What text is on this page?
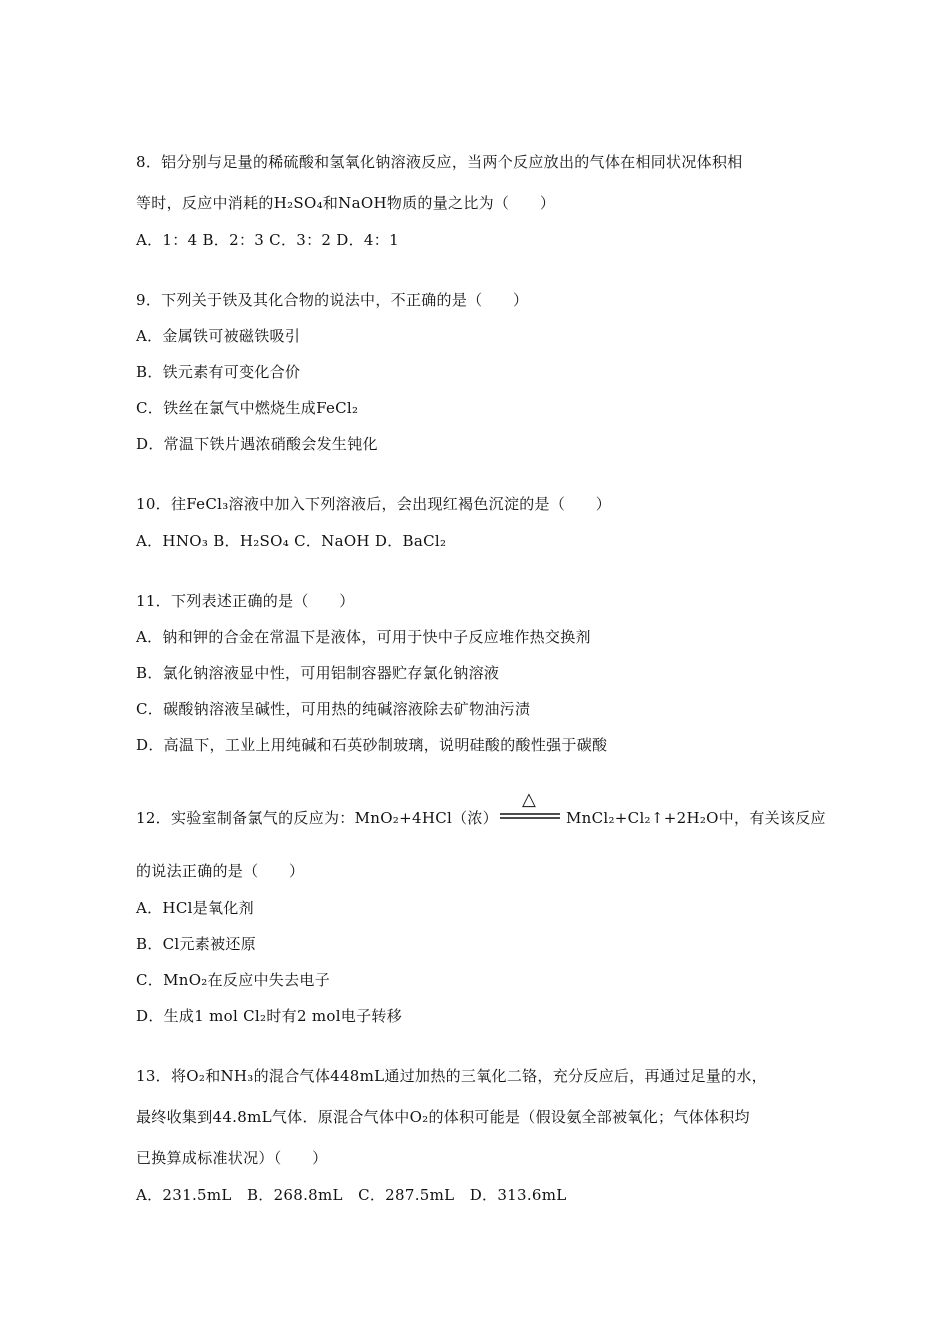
8．铝分别与足量的稀硫酸和氢氧化钠溶液反应，当两个反应放出的气体在相同状况体积相
等时，反应中消耗的H₂SO₄和NaOH物质的量之比为（　　）
A．1：4 B．2：3 C．3：2 D．4：1
9．下列关于铁及其化合物的说法中，不正确的是（　　）
A．金属铁可被磁铁吸引
B．铁元素有可变化合价
C．铁丝在氯气中燃烧生成FeCl₂
D．常温下铁片遇浓硝酸会发生钝化
10．往FeCl₃溶液中加入下列溶液后，会出现红褐色沉淀的是（　　）
A．HNO₃ B．H₂SO₄ C．NaOH D．BaCl₂
11．下列表述正确的是（　　）
A．钠和钾的合金在常温下是液体，可用于快中子反应堆作热交换剂
B．氯化钠溶液显中性，可用铝制容器贮存氯化钠溶液
C．碳酸钠溶液呈碱性，可用热的纯碱溶液除去矿物油污渍
D．高温下，工业上用纯碱和石英砂制玻璃，说明硅酸的酸性强于碳酸
12．实验室制备氯气的反应为：MnO₂+4HCl（浓）
△
MnCl₂+Cl₂↑+2H₂O中，有关该反应
的说法正确的是（　　）
A．HCl是氧化剂
B．Cl元素被还原
C．MnO₂在反应中失去电子
D．生成1 mol Cl₂时有2 mol电子转移
13．将O₂和NH₃的混合气体448mL通过加热的三氧化二铬，充分反应后，再通过足量的水，
最终收集到44.8mL气体．原混合气体中O₂的体积可能是（假设氨全部被氧化；气体体积均
已换算成标准状况）（　　）
A．231.5mL　B．268.8mL　C．287.5mL　D．313.6mL
